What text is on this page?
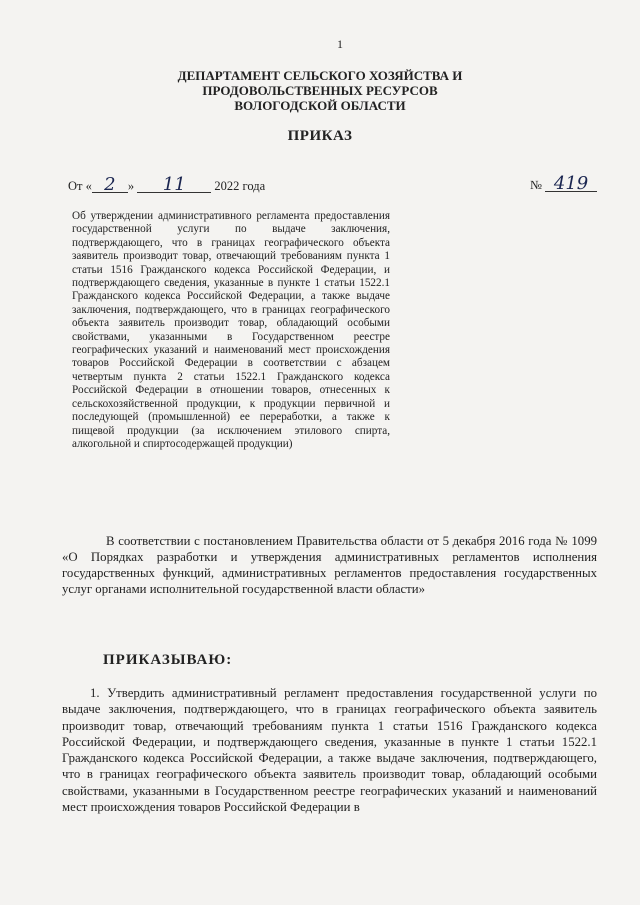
1
ДЕПАРТАМЕНТ СЕЛЬСКОГО ХОЗЯЙСТВА И
ПРОДОВОЛЬСТВЕННЫХ РЕСУРСОВ
ВОЛОГОДСКОЙ ОБЛАСТИ
ПРИКАЗ
От « 2 » 11 2022 года	№ 419
Об утверждении административного регламента предоставления государственной услуги по выдаче заключения, подтверждающего, что в границах географического объекта заявитель производит товар, отвечающий требованиям пункта 1 статьи 1516 Гражданского кодекса Российской Федерации, и подтверждающего сведения, указанные в пункте 1 статьи 1522.1 Гражданского кодекса Российской Федерации, а также выдаче заключения, подтверждающего, что в границах географического объекта заявитель производит товар, обладающий особыми свойствами, указанными в Государственном реестре географических указаний и наименований мест происхождения товаров Российской Федерации в соответствии с абзацем четвертым пункта 2 статьи 1522.1 Гражданского кодекса Российской Федерации в отношении товаров, отнесенных к сельскохозяйственной продукции, к продукции первичной и последующей (промышленной) ее переработки, а также к пищевой продукции (за исключением этилового спирта, алкогольной и спиртосодержащей продукции)
В соответствии с постановлением Правительства области от 5 декабря 2016 года № 1099 «О Порядках разработки и утверждения административных регламентов исполнения государственных функций, административных регламентов предоставления государственных услуг органами исполнительной государственной власти области»
ПРИКАЗЫВАЮ:
1. Утвердить административный регламент предоставления государственной услуги по выдаче заключения, подтверждающего, что в границах географического объекта заявитель производит товар, отвечающий требованиям пункта 1 статьи 1516 Гражданского кодекса Российской Федерации, и подтверждающего сведения, указанные в пункте 1 статьи 1522.1 Гражданского кодекса Российской Федерации, а также выдаче заключения, подтверждающего, что в границах географического объекта заявитель производит товар, обладающий особыми свойствами, указанными в Государственном реестре географических указаний и наименований мест происхождения товаров Российской Федерации в
